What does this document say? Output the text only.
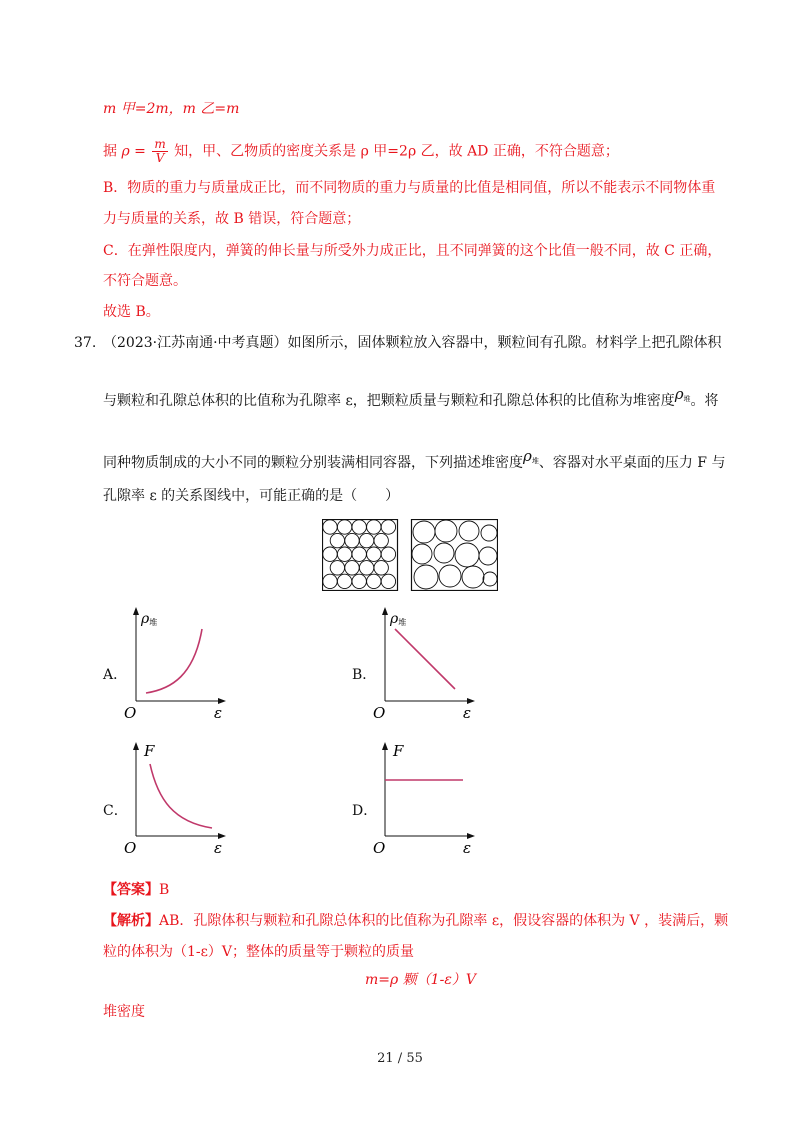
m 甲=2m，m 乙=m
据 $\rho = \frac{m}{V}$ 知，甲、乙物质的密度关系是 ρ 甲=2ρ 乙，故 AD 正确，不符合题意；
B．物质的重力与质量成正比，而不同物质的重力与质量的比值是相同值，所以不能表示不同物体重
力与质量的关系，故 B 错误，符合题意；
C．在弹性限度内，弹簧的伸长量与所受外力成正比，且不同弹簧的这个比值一般不同，故 C 正确，
不符合题意。
故选 B。
37. （2023·江苏南通·中考真题）如图所示，固体颗粒放入容器中，颗粒间有孔隙。材料学上把孔隙体积
与颗粒和孔隙总体积的比值称为孔隙率 ε，把颗粒质量与颗粒和孔隙总体积的比值称为堆密度$\rho^堆$。将
同种物质制成的大小不同的颗粒分别装满相同容器，下列描述堆密度$\rho^堆$、容器对水平桌面的压力 F 与
孔隙率 ε 的关系图线中，可能正确的是（　　）
A．
ρ堆
O	ε
B．
ρ堆
O	ε
C．
F
O	ε
D．
F
O	ε
【答案】B
【解析】AB．孔隙体积与颗粒和孔隙总体积的比值称为孔隙率 ε，假设容器的体积为 V ，装满后，颗
粒的体积为（1-ε）V；整体的质量等于颗粒的质量
m=ρ 颗（1-ε）V
堆密度
21 / 55
